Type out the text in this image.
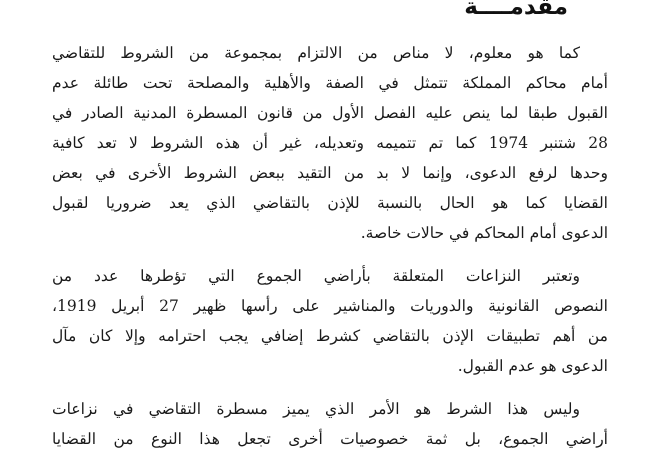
مقدمــــة

كما هو معلوم، لا مناص من الالتزام بمجموعة من الشروط للتقاضي
أمام محاكم المملكة تتمثل في الصفة والأهلية والمصلحة تحت طائلة عدم
القبول طبقا لما ينص عليه الفصل الأول من قانون المسطرة المدنية الصادر في
28 شتنبر 1974 كما تم تتميمه وتعديله، غير أن هذه الشروط لا تعد كافية
وحدها لرفع الدعوى، وإنما لا بد من التقيد ببعض الشروط الأخرى في بعض
القضايا كما هو الحال بالنسبة للإذن بالتقاضي الذي يعد ضروريا لقبول
الدعوى أمام المحاكم في حالات خاصة.

وتعتبر النزاعات المتعلقة بأراضي الجموع التي تؤطرها عدد من
النصوص القانونية والدوريات والمناشير على رأسها ظهير 27 أبريل 1919،
من أهم تطبيقات الإذن بالتقاضي كشرط إضافي يجب احترامه وإلا كان مآل
الدعوى هو عدم القبول.

وليس هذا الشرط هو الأمر الذي يميز مسطرة التقاضي في نزاعات
أراضي الجموع، بل ثمة خصوصيات أخرى تجعل هذا النوع من القضايا
